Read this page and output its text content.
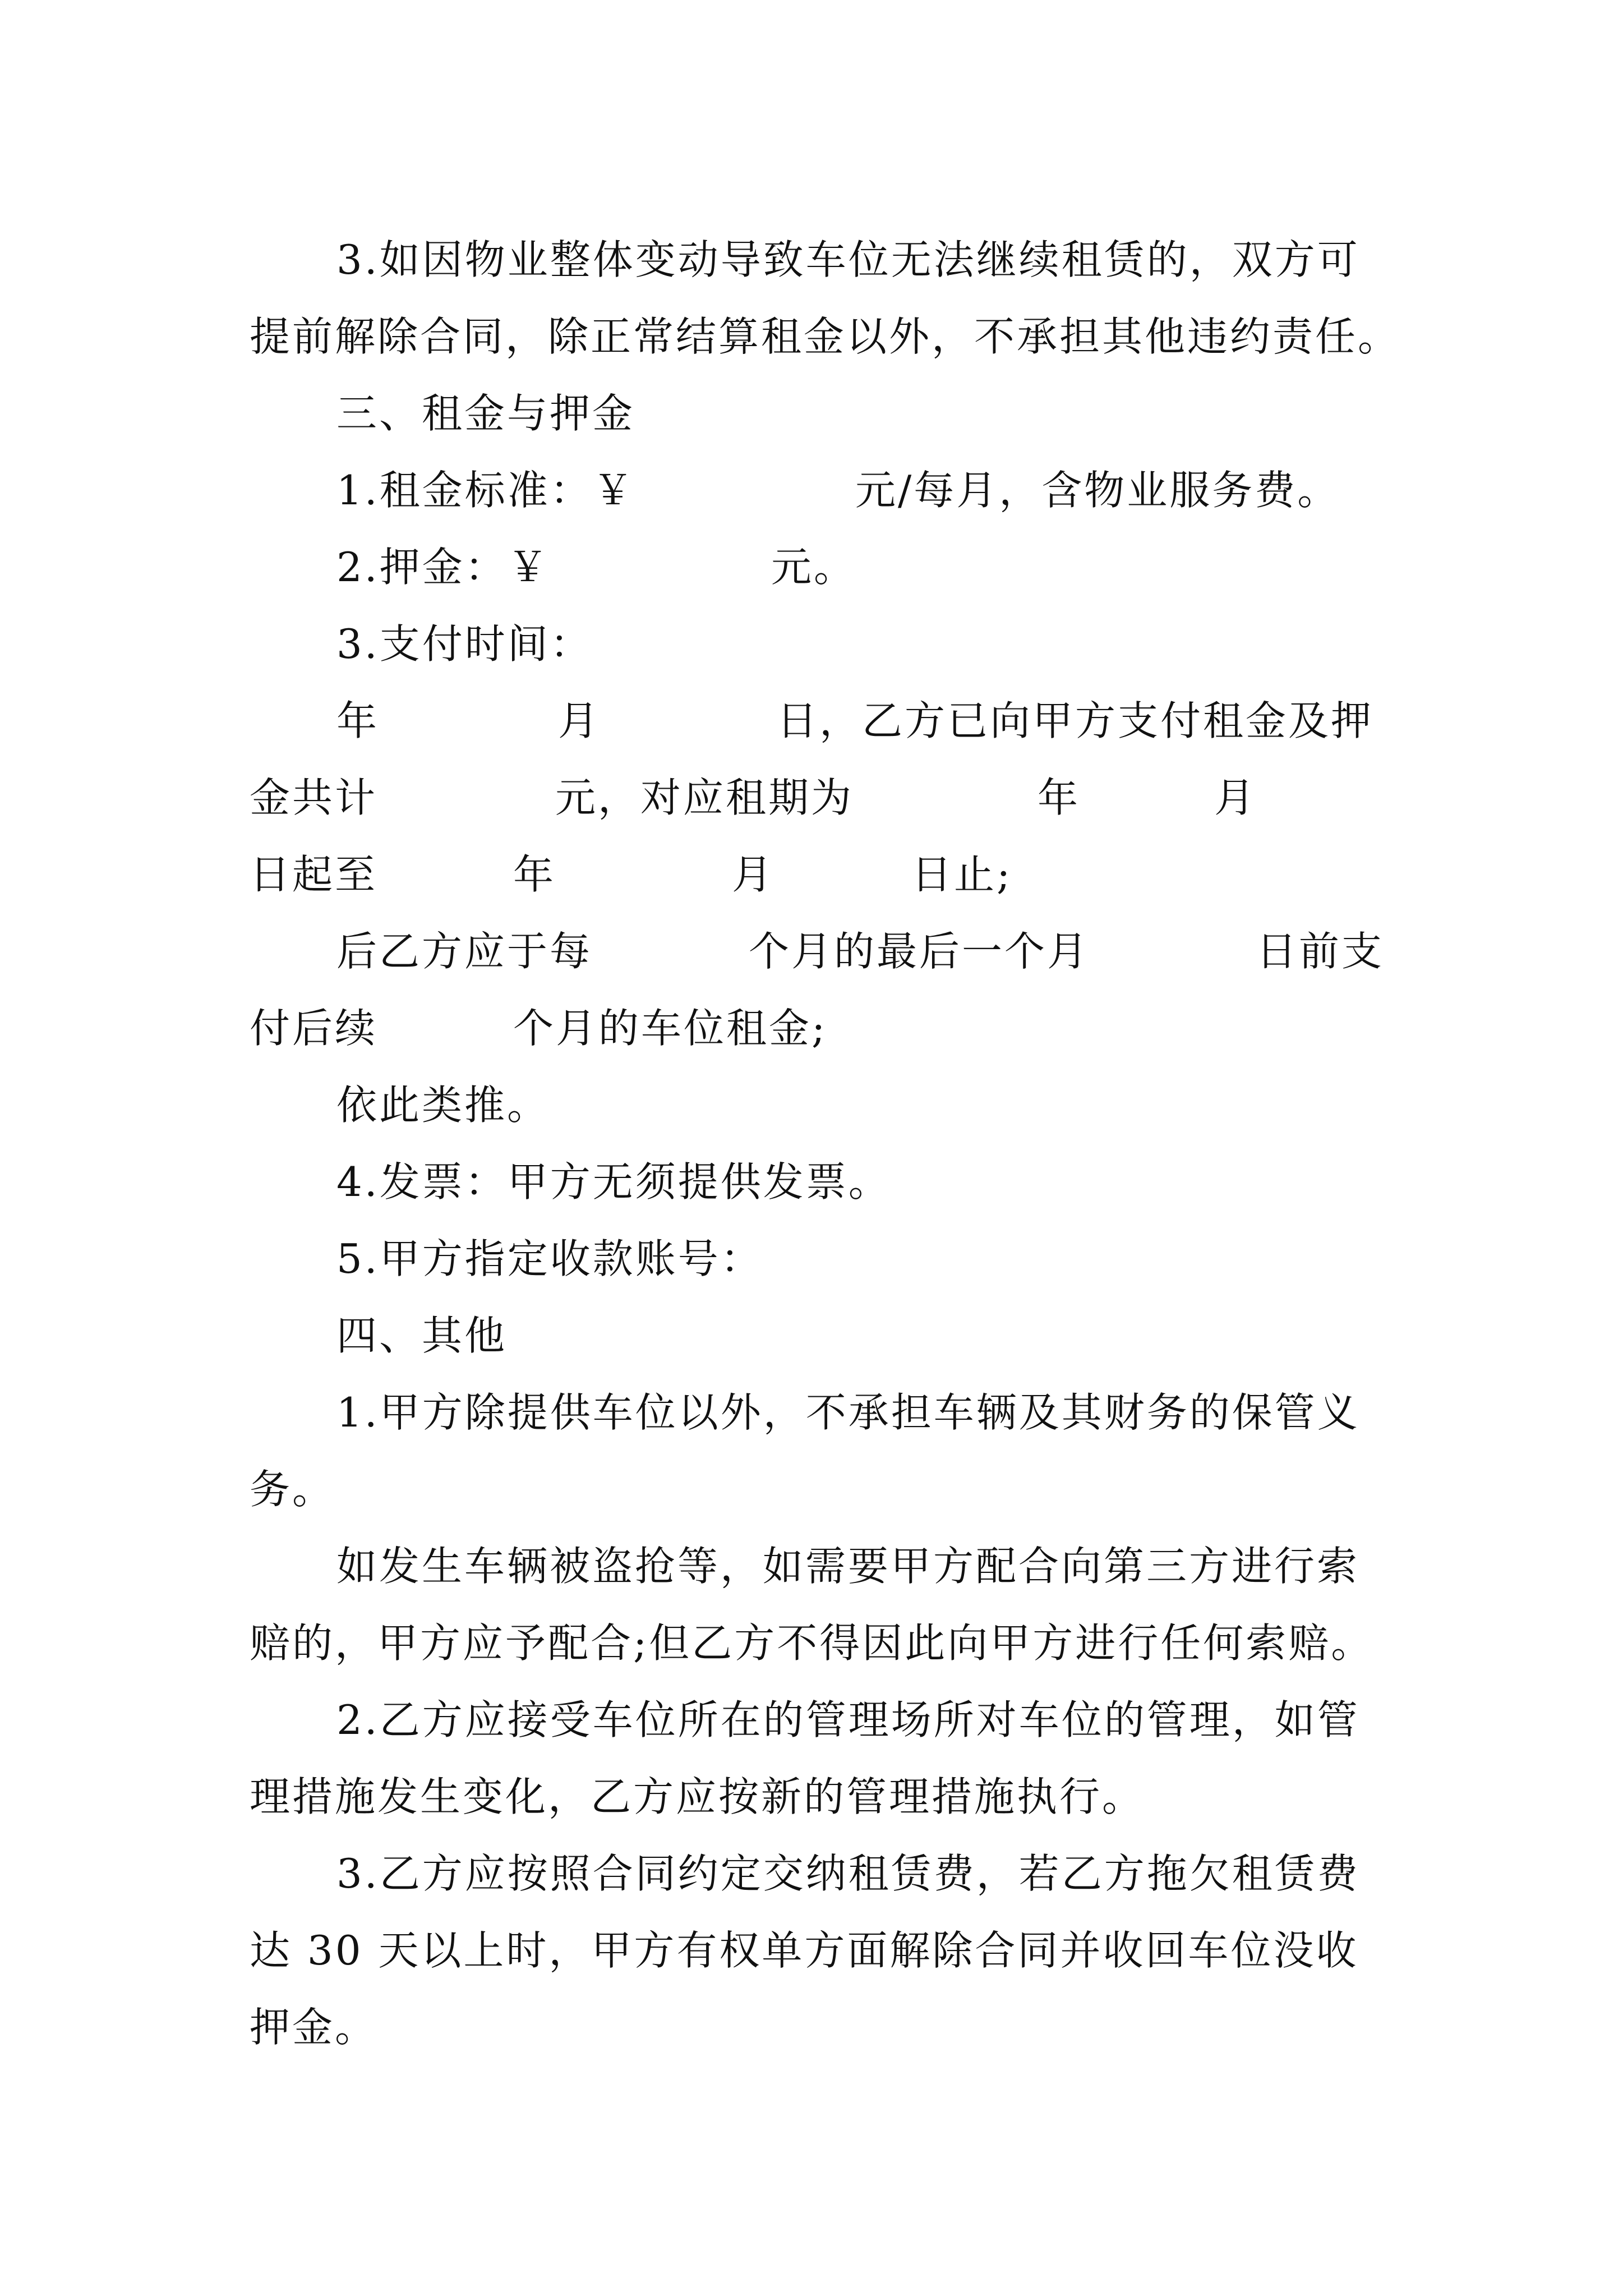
3.如因物业整体变动导致车位无法继续租赁的，双方可
提前解除合同，除正常结算租金以外，不承担其他违约责任。
三、租金与押金

1.租金标准：￥

	元/每月，含物业服务费。

2.押金：￥

	元。

3.支付时间：

年

	月

	日，乙方已向甲方支付租金及押

金共计

	元，对应租期为

	年

	月

日起至

	年

	月

	日止;

后乙方应于每

	个月的最后一个月

	日前支

付后续

	个月的车位租金;

依此类推。
4.发票：甲方无须提供发票。
5.甲方指定收款账号：
四、其他
1.甲方除提供车位以外，不承担车辆及其财务的保管义
务。
如发生车辆被盗抢等，如需要甲方配合向第三方进行索
赔的，甲方应予配合;但乙方不得因此向甲方进行任何索赔。
2.乙方应接受车位所在的管理场所对车位的管理，如管
理措施发生变化，乙方应按新的管理措施执行。
3.乙方应按照合同约定交纳租赁费，若乙方拖欠租赁费
达 30 天以上时，甲方有权单方面解除合同并收回车位没收
押金。
